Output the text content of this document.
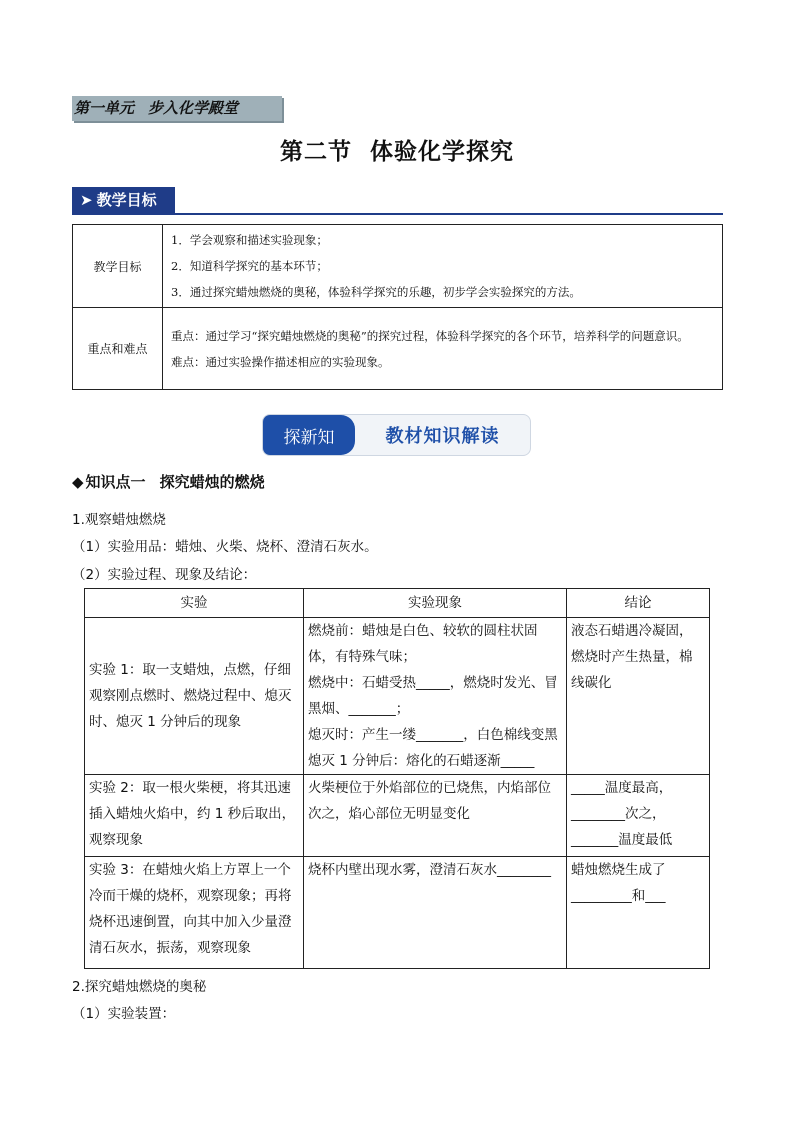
第一单元 步入化学殿堂
第二节 体验化学探究
➤ 教学目标
教学目标	1．学会观察和描述实验现象；
2．知道科学探究的基本环节；
3．通过探究蜡烛燃烧的奥秘，体验科学探究的乐趣，初步学会实验探究的方法。

重点和难点	重点：通过学习“探究蜡烛燃烧的奥秘”的探究过程，体验科学探究的各个环节，培养科学的问题意识。
难点：通过实验操作描述相应的实验现象。
探新知	教材知识解读
◆ 知识点一 探究蜡烛的燃烧
1.观察蜡烛燃烧
（1）实验用品：蜡烛、火柴、烧杯、澄清石灰水。
（2）实验过程、现象及结论：
实验	实验现象	结论
实验 1：取一支蜡烛，点燃，仔细观察刚点燃时、燃烧过程中、熄灭时、熄灭 1 分钟后的现象	燃烧前：蜡烛是白色、较软的圆柱状固体，有特殊气味；
燃烧中：石蜡受热_____，燃烧时发光、冒黑烟、_______；
熄灭时：产生一缕_______，白色棉线变黑
熄灭 1 分钟后：熔化的石蜡逐渐_____	液态石蜡遇冷凝固，燃烧时产生热量，棉线碳化
实验 2：取一根火柴梗，将其迅速插入蜡烛火焰中，约 1 秒后取出，观察现象	火柴梗位于外焰部位的已烧焦，内焰部位次之，焰心部位无明显变化	_____温度最高，
________次之，
_______温度最低

实验 3：在蜡烛火焰上方罩上一个冷而干燥的烧杯，观察现象；再将烧杯迅速倒置，向其中加入少量澄清石灰水，振荡，观察现象	烧杯内壁出现水雾，澄清石灰水________	蜡烛燃烧生成了
_________和___
2.探究蜡烛燃烧的奥秘
（1）实验装置：
